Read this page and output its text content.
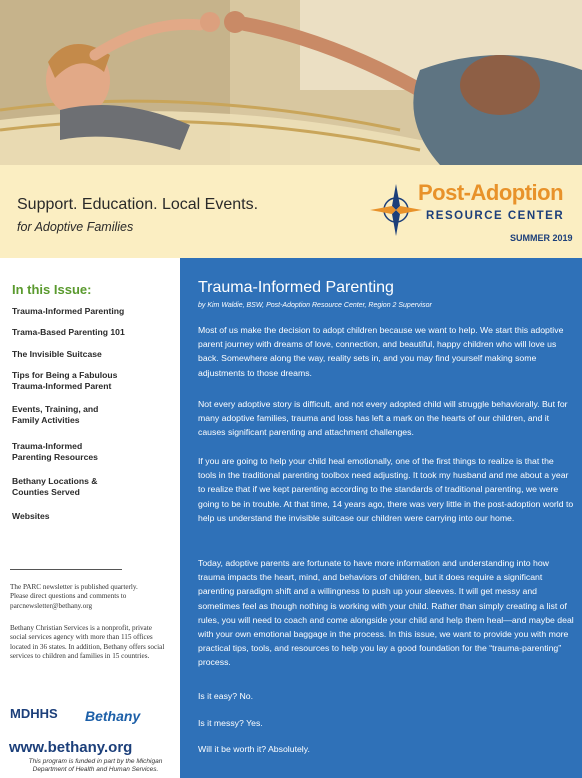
Support. Education. Local Events.
for Adoptive Families
Post-Adoption
RESOURCE CENTER
SUMMER 2019
In this Issue:
Trauma-Informed Parenting
Trama-Based Parenting 101
The Invisible Suitcase
Tips for Being a Fabulous Trauma-Informed Parent
Events, Training, and Family Activities
Trauma-Informed Parenting Resources
Bethany Locations & Counties Served
Websites
The PARC newsletter is published quarterly. Please direct questions and comments to parcnewsletter@bethany.org
Bethany Christian Services is a nonprofit, private social services agency with more than 115 offices located in 36 states. In addition, Bethany offers social services to children and families in 15 countries.
MDHHS Bethany
www.bethany.org
This program is funded in part by the Michigan Department of Health and Human Services.
Trauma-Informed Parenting
by Kim Waldie, BSW, Post-Adoption Resource Center, Region 2 Supervisor
Most of us make the decision to adopt children because we want to help. We start this adoptive parent journey with dreams of love, connection, and beautiful, happy children who will love us back. Somewhere along the way, reality sets in, and you may find yourself making some adjustments to those dreams.
Not every adoptive story is difficult, and not every adopted child will struggle behaviorally. But for many adoptive families, trauma and loss has left a mark on the hearts of our children, and it causes significant parenting and attachment challenges.
If you are going to help your child heal emotionally, one of the first things to realize is that the tools in the traditional parenting toolbox need adjusting. It took my husband and me about a year to realize that if we kept parenting according to the standards of traditional parenting, we were going to be in trouble. At that time, 14 years ago, there was very little in the post-adoption world to help us understand the invisible suitcase our children were carrying into our home.
Today, adoptive parents are fortunate to have more information and understanding into how trauma impacts the heart, mind, and behaviors of children, but it does require a significant parenting paradigm shift and a willingness to push up your sleeves. It will get messy and sometimes feel as though nothing is working with your child. Rather than simply creating a list of rules, you will need to coach and come alongside your child and help them heal—and maybe deal with your own emotional baggage in the process. In this issue, we want to provide you with more practical tips, tools, and resources to help you lay a good foundation for the “trauma-parenting” process.
Is it easy? No.
Is it messy? Yes.
Will it be worth it? Absolutely.
